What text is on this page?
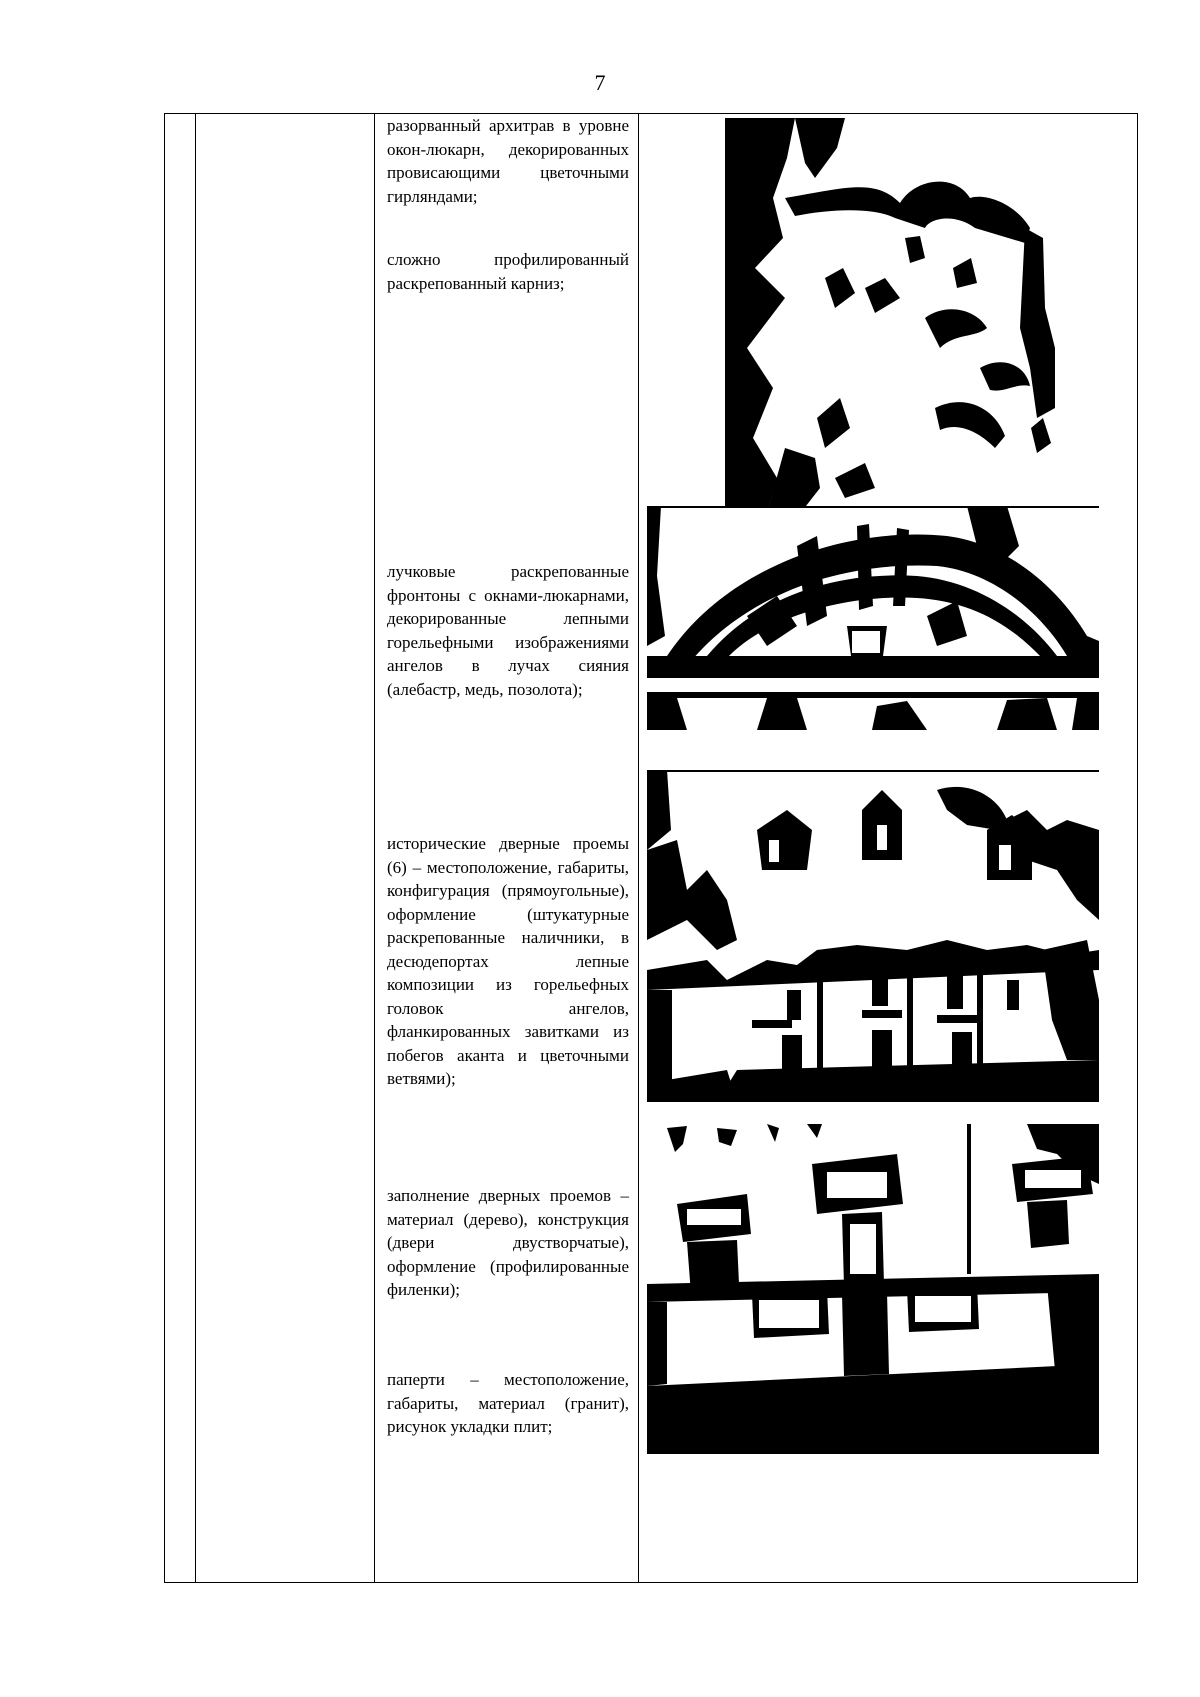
7

разорванный архитрав в уровне окон-люкарн, декорированных провисающими цветочными гирляндами;
сложно профилированный раскрепованный карниз;
лучковые раскрепованные фронтоны с окнами-люкарнами, декорированные лепными горельефными изображениями ангелов в лучах сияния (алебастр, медь, позолота);
исторические дверные проемы (6) – местоположение, габариты, конфигурация (прямоугольные), оформление (штукатурные раскрепованные наличники, в десюдепортах лепные композиции из горельефных головок ангелов, фланкированных завитками из побегов аканта и цветочными ветвями);
заполнение дверных проемов – материал (дерево), конструкция (двери двустворчатые), оформление (профилированные филенки);
паперти – местоположение, габариты, материал (гранит), рисунок укладки плит;
